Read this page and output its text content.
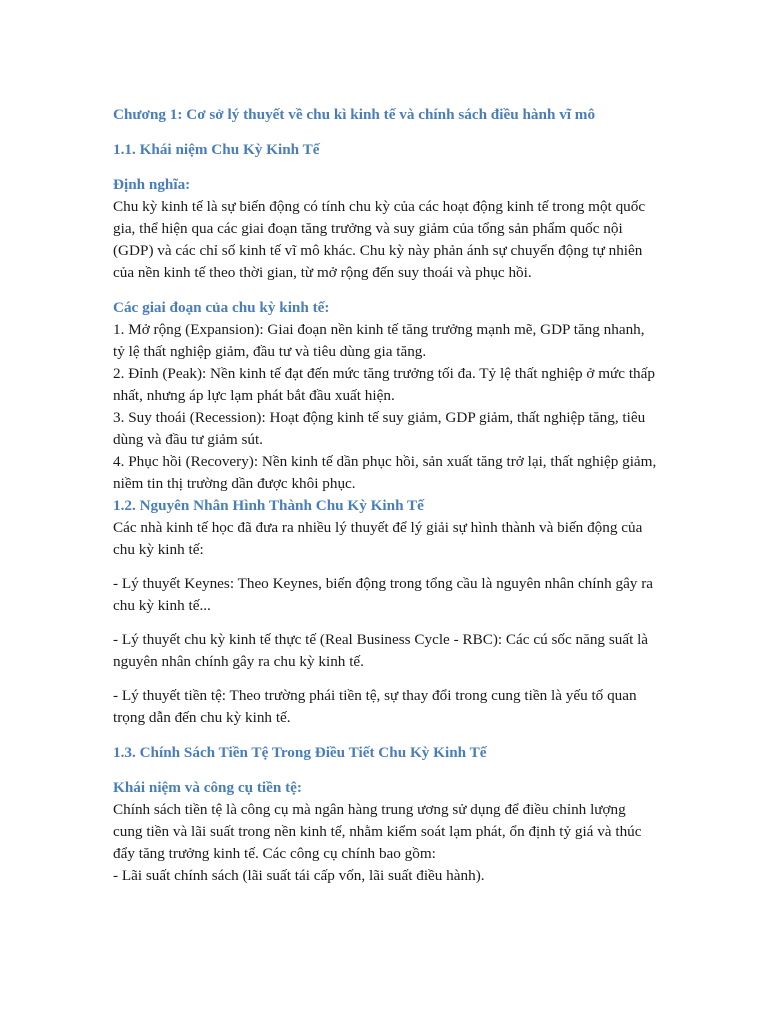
Chương 1: Cơ sở lý thuyết về chu kì kinh tế và chính sách điều hành vĩ mô
1.1. Khái niệm Chu Kỳ Kinh Tế
Định nghĩa:

Chu kỳ kinh tế là sự biến động có tính chu kỳ của các hoạt động kinh tế trong một quốc gia, thể hiện qua các giai đoạn tăng trưởng và suy giảm của tổng sản phẩm quốc nội (GDP) và các chỉ số kinh tế vĩ mô khác. Chu kỳ này phản ánh sự chuyển động tự nhiên của nền kinh tế theo thời gian, từ mở rộng đến suy thoái và phục hồi.

Các giai đoạn của chu kỳ kinh tế:

1. Mở rộng (Expansion): Giai đoạn nền kinh tế tăng trưởng mạnh mẽ, GDP tăng nhanh, tỷ lệ thất nghiệp giảm, đầu tư và tiêu dùng gia tăng.

2. Đỉnh (Peak): Nền kinh tế đạt đến mức tăng trưởng tối đa. Tỷ lệ thất nghiệp ở mức thấp nhất, nhưng áp lực lạm phát bắt đầu xuất hiện.

3. Suy thoái (Recession): Hoạt động kinh tế suy giảm, GDP giảm, thất nghiệp tăng, tiêu dùng và đầu tư giảm sút.

4. Phục hồi (Recovery): Nền kinh tế dần phục hồi, sản xuất tăng trở lại, thất nghiệp giảm, niềm tin thị trường dần được khôi phục.

1.2. Nguyên Nhân Hình Thành Chu Kỳ Kinh Tế

Các nhà kinh tế học đã đưa ra nhiều lý thuyết để lý giải sự hình thành và biến động của chu kỳ kinh tế:

- Lý thuyết Keynes: Theo Keynes, biến động trong tổng cầu là nguyên nhân chính gây ra chu kỳ kinh tế...

- Lý thuyết chu kỳ kinh tế thực tế (Real Business Cycle - RBC): Các cú sốc năng suất là nguyên nhân chính gây ra chu kỳ kinh tế.

- Lý thuyết tiền tệ: Theo trường phái tiền tệ, sự thay đổi trong cung tiền là yếu tố quan trọng dẫn đến chu kỳ kinh tế.

1.3. Chính Sách Tiền Tệ Trong Điều Tiết Chu Kỳ Kinh Tế
Khái niệm và công cụ tiền tệ:

Chính sách tiền tệ là công cụ mà ngân hàng trung ương sử dụng để điều chỉnh lượng cung tiền và lãi suất trong nền kinh tế, nhằm kiểm soát lạm phát, ổn định tỷ giá và thúc đẩy tăng trưởng kinh tế. Các công cụ chính bao gồm:

- Lãi suất chính sách (lãi suất tái cấp vốn, lãi suất điều hành).
